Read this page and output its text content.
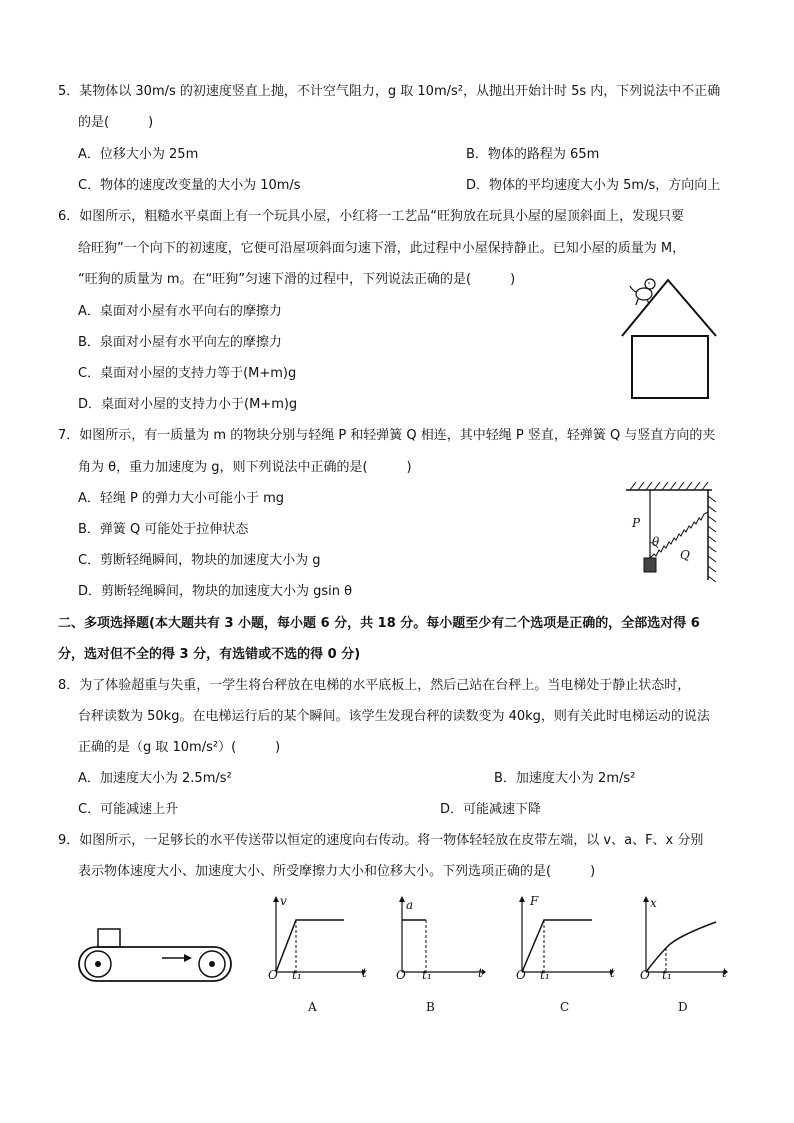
5．某物体以 30m/s 的初速度竖直上抛，不计空气阻力，g 取 10m/s²，从抛出开始计时 5s 内，下列说法中不正确
的是(　　　)
A．位移大小为 25m	B．物体的路程为 65m
C．物体的速度改变量的大小为 10m/s	D．物体的平均速度大小为 5m/s，方向向上
6．如图所示，粗糙水平桌面上有一个玩具小屋，小红将一工艺品“旺狗放在玩具小屋的屋顶斜面上，发现只要
给旺狗”一个向下的初速度，它便可沿屋项斜面匀速下滑，此过程中小屋保持静止。已知小屋的质量为 M，
“旺狗的质量为 m。在“旺狗”匀速下滑的过程中，下列说法正确的是(　　　)
A．桌面对小屋有水平向右的摩擦力
B．泉面对小屋有水平向左的摩擦力
C．桌面对小屋的支持力等于(M+m)g
D．桌面对小屋的支持力小于(M+m)g
7．如图所示，有一质量为 m 的物块分别与轻绳 P 和轻弹簧 Q 相连，其中轻绳 P 竖直，轻弹簧 Q 与竖直方向的夹
角为 θ，重力加速度为 g，则下列说法中正确的是(　　　)
A．轻绳 P 的弹力大小可能小于 mg
B．弹簧 Q 可能处于拉伸状态
C．剪断轻绳瞬间，物块的加速度大小为 g
D．剪断轻绳瞬间，物块的加速度大小为 gsin θ
P
θ
Q
二、多项选择题(本大题共有 3 小题，每小题 6 分，共 18 分。每小题至少有二个选项是正确的，全部选对得 6
分，选对但不全的得 3 分，有选错或不选的得 0 分)
8．为了体验超重与失重，一学生将台秤放在电梯的水平底板上，然后己站在台秤上。当电梯处于静止状态时，
台秤读数为 50kg。在电梯运行后的某个瞬间。该学生发现台秤的读数变为 40kg，则有关此时电梯运动的说法
正确的是（g 取 10m/s²）(　　　)
A．加速度大小为 2.5m/s²	B．加速度大小为 2m/s²
C．可能减速上升	D．可能减速下降
9．如图所示，一足够长的水平传送带以恒定的速度向右传动。将一物体轻轻放在皮带左端，以 v、a、F、x 分别
表示物体速度大小、加速度大小、所受摩擦力大小和位移大小。下列选项正确的是(　　　)
v
O t₁	t
A
a
O t₁	t
B
F
O t₁	t
C
x
O t₁	t
D
